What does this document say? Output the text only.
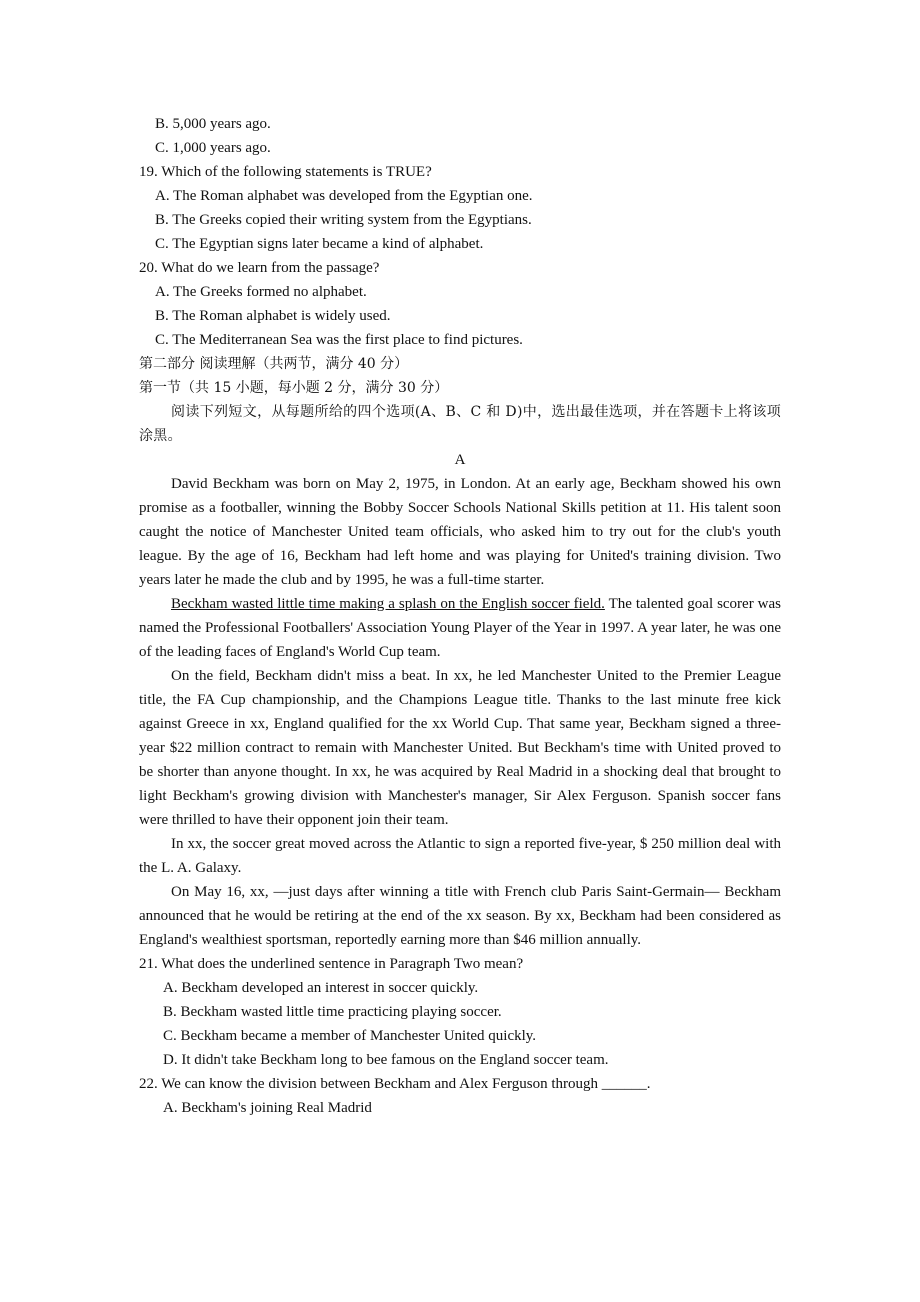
B. 5,000 years ago.

C. 1,000 years ago.

19. Which of the following statements is TRUE?

A. The Roman alphabet was developed from the Egyptian one.

B. The Greeks copied their writing system from the Egyptians.

C. The Egyptian signs later became a kind of alphabet.

20. What do we learn from the passage?

A. The Greeks formed no alphabet.

B. The Roman alphabet is widely used.

C. The Mediterranean Sea was the first place to find pictures.

第二部分 阅读理解（共两节，满分 40 分）

第一节（共 15 小题，每小题 2 分，满分 30 分）

阅读下列短文，从每题所给的四个选项(A、B、C 和 D)中，选出最佳选项，并在答题卡上将该项涂黑。

A

David Beckham was born on May 2, 1975, in London. At an early age, Beckham showed his own promise as a footballer, winning the Bobby Soccer Schools National Skills petition at 11. His talent soon caught the notice of Manchester United team officials, who asked him to try out for the club's youth league. By the age of 16, Beckham had left home and was playing for United's training division. Two years later he made the club and by 1995, he was a full-time starter.

Beckham wasted little time making a splash on the English soccer field. The talented goal scorer was named the Professional Footballers' Association Young Player of the Year in 1997. A year later, he was one of the leading faces of England's World Cup team.

On the field, Beckham didn't miss a beat. In xx, he led Manchester United to the Premier League title, the FA Cup championship, and the Champions League title. Thanks to the last minute free kick against Greece in xx, England qualified for the xx World Cup. That same year, Beckham signed a three-year $22 million contract to remain with Manchester United. But Beckham's time with United proved to be shorter than anyone thought. In xx, he was acquired by Real Madrid in a shocking deal that brought to light Beckham's growing division with Manchester's manager, Sir Alex Ferguson. Spanish soccer fans were thrilled to have their opponent join their team.

In xx, the soccer great moved across the Atlantic to sign a reported five-year, $ 250 million deal with the L. A. Galaxy.

On May 16, xx, —just days after winning a title with French club Paris Saint-Germain— Beckham announced that he would be retiring at the end of the xx season. By xx, Beckham had been considered as England's wealthiest sportsman, reportedly earning more than $46 million annually.

21. What does the underlined sentence in Paragraph Two mean?

A. Beckham developed an interest in soccer quickly.

B. Beckham wasted little time practicing playing soccer.

C. Beckham became a member of Manchester United quickly.

D. It didn't take Beckham long to bee famous on the England soccer team.

22. We can know the division between Beckham and Alex Ferguson through ______.

A. Beckham's joining Real Madrid
